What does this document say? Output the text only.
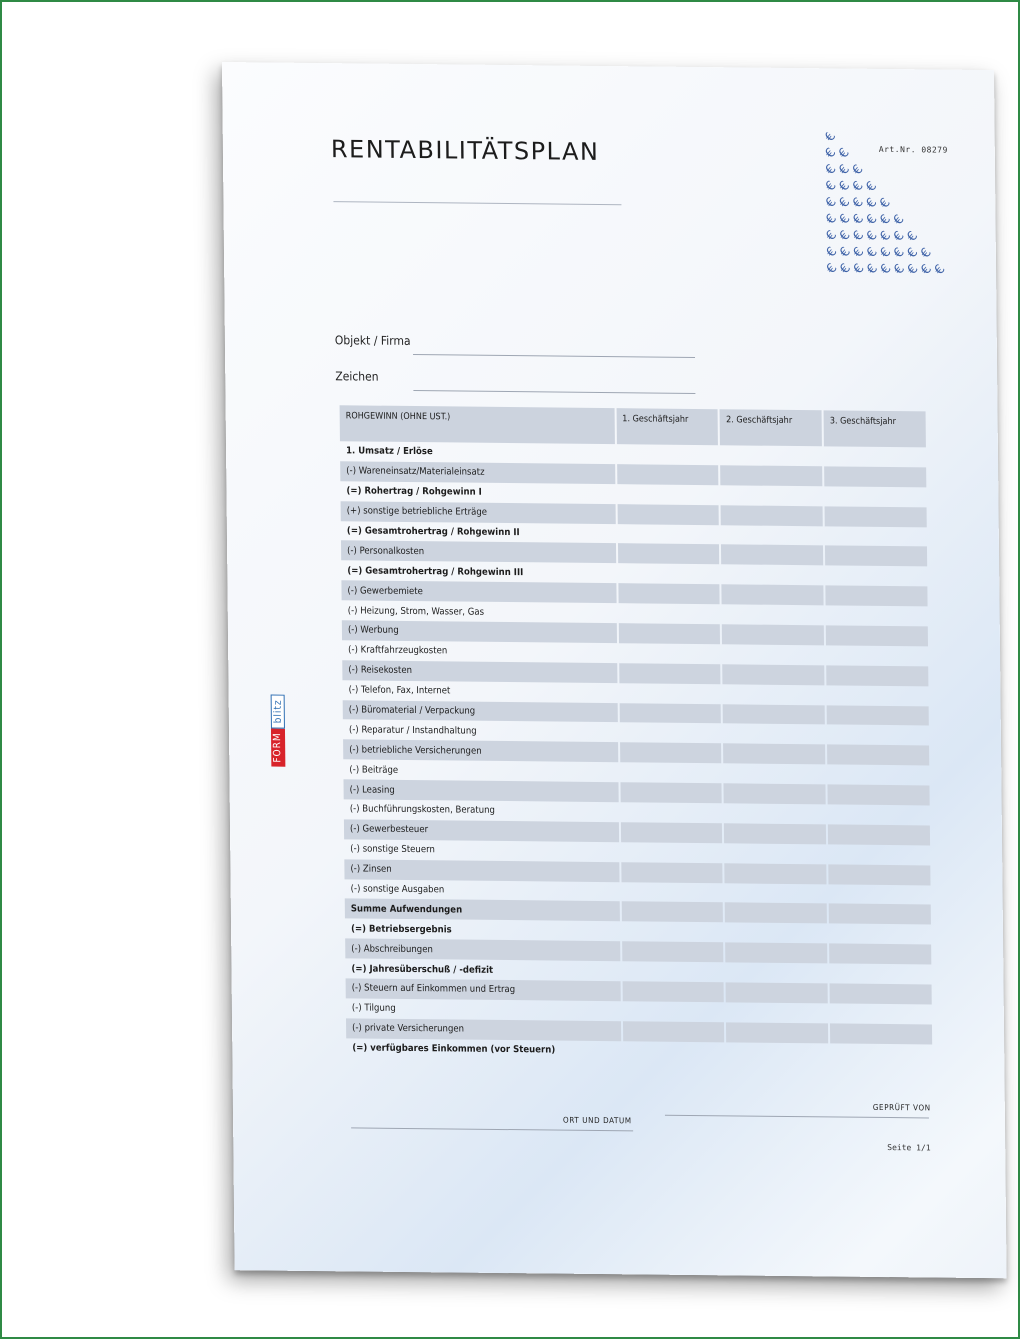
RENTABILITÄTSPLAN	Art.Nr. 08279
€
€
€
€
€
€
€
€
€
€
€
€
€
€
€
€
€
€
€
€
€
€
€
€
€
€
€
€
€
€
€
€
€
€
€
€
€
€
€
€
€
€
€
€
€
Objekt / Firma
Zeichen
FORM
blitz
ROHGEWINN (OHNE UST.)	1. Geschäftsjahr	2. Geschäftsjahr	3. Geschäftsjahr
1. Umsatz / Erlöse			
(-) Wareneinsatz/Materialeinsatz			
(=) Rohertrag / Rohgewinn I			
(+) sonstige betriebliche Erträge			
(=) Gesamtrohertrag / Rohgewinn II			
(-) Personalkosten			
(=) Gesamtrohertrag / Rohgewinn III			
(-) Gewerbemiete			
(-) Heizung, Strom, Wasser, Gas			
(-) Werbung			
(-) Kraftfahrzeugkosten			
(-) Reisekosten			
(-) Telefon, Fax, Internet			
(-) Büromaterial / Verpackung			
(-) Reparatur / Instandhaltung			
(-) betriebliche Versicherungen			
(-) Beiträge			
(-) Leasing			
(-) Buchführungskosten, Beratung			
(-) Gewerbesteuer			
(-) sonstige Steuern			
(-) Zinsen			
(-) sonstige Ausgaben			
Summe Aufwendungen			
(=) Betriebsergebnis			
(-) Abschreibungen			
(=) Jahresüberschuß / -defizit			
(-) Steuern auf Einkommen und Ertrag			
(-) Tilgung			
(-) private Versicherungen			
(=) verfügbares Einkommen (vor Steuern)			
ORT UND DATUM
GEPRÜFT VON
Seite 1/1
